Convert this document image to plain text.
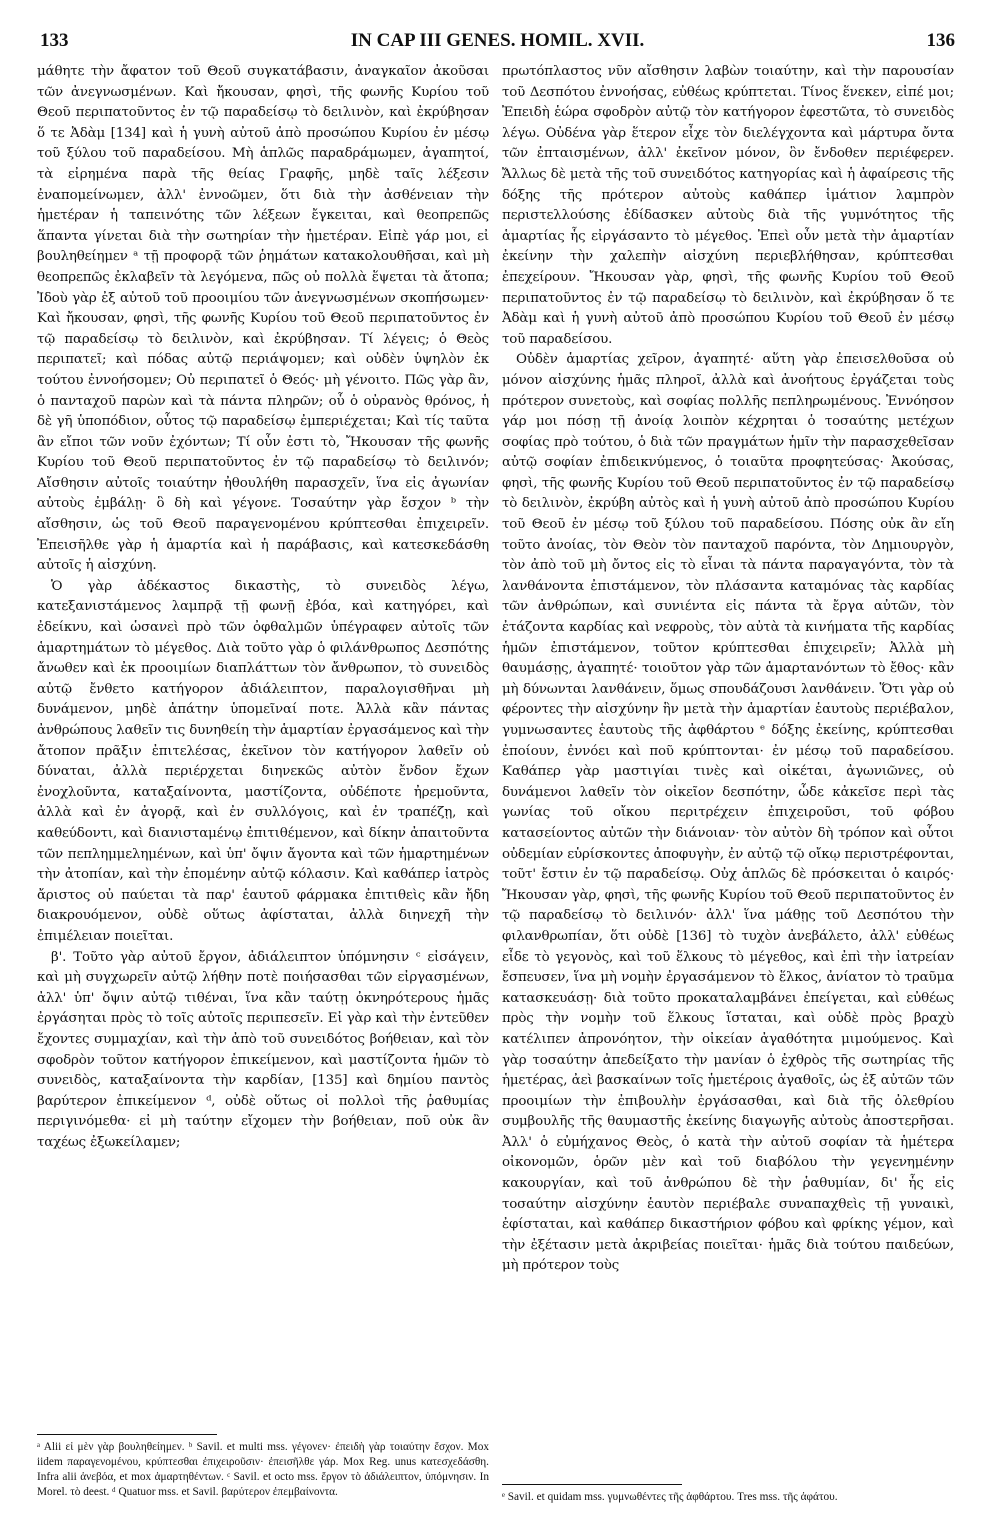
133	IN CAP III GENES. HOMIL. XVII.	136

μάθητε τὴν ἄφατον τοῦ Θεοῦ συγκατάβασιν, ἀναγκαῖον ἀκοῦσαι τῶν ἀνεγνωσμένων. Καὶ ἤκουσαν, φησὶ, τῆς φωνῆς Κυρίου τοῦ Θεοῦ περιπατοῦντος ἐν τῷ παραδείσῳ τὸ δειλινὸν, καὶ ἐκρύβησαν ὅ τε Ἀδὰμ [134] καὶ ἡ γυνὴ αὐτοῦ ἀπὸ προσώπου Κυρίου ἐν μέσῳ τοῦ ξύλου τοῦ παραδείσου. Μὴ ἁπλῶς παραδράμωμεν, ἀγαπητοί, τὰ εἰρημένα παρὰ τῆς θείας Γραφῆς, μηδὲ ταῖς λέξεσιν ἐναπομείνωμεν, ἀλλ' ἐννοῶμεν, ὅτι διὰ τὴν ἀσθένειαν τὴν ἡμετέραν ἡ ταπεινότης τῶν λέξεων ἔγκειται, καὶ θεοπρεπῶς ἅπαντα γίνεται διὰ τὴν σωτηρίαν τὴν ἡμετέραν. Εἰπὲ γάρ μοι, εἰ βουληθείημεν ᵃ τῇ προφορᾷ τῶν ῥημάτων κατακολουθῆσαι, καὶ μὴ θεοπρεπῶς ἐκλαβεῖν τὰ λεγόμενα, πῶς οὐ πολλὰ ἕψεται τὰ ἄτοπα; Ἰδοὺ γὰρ ἐξ αὐτοῦ τοῦ προοιμίου τῶν ἀνεγνωσμένων σκοπήσωμεν· Καὶ ἤκουσαν, φησὶ, τῆς φωνῆς Κυρίου τοῦ Θεοῦ περιπατοῦντος ἐν τῷ παραδείσῳ τὸ δειλινὸν, καὶ ἐκρύβησαν. Τί λέγεις; ὁ Θεὸς περιπατεῖ; καὶ πόδας αὐτῷ περιάψομεν; καὶ οὐδὲν ὑψηλὸν ἐκ τούτου ἐννοήσομεν; Οὐ περιπατεῖ ὁ Θεός· μὴ γένοιτο. Πῶς γὰρ ἂν, ὁ πανταχοῦ παρὼν καὶ τὰ πάντα πληρῶν; οὗ ὁ οὐρανὸς θρόνος, ἡ δὲ γῆ ὑποπόδιον, οὗτος τῷ παραδείσῳ ἐμπεριέχεται; Καὶ τίς ταῦτα ἂν εἴποι τῶν νοῦν ἐχόντων; Τί οὖν ἐστι τὸ, Ἤκουσαν τῆς φωνῆς Κυρίου τοῦ Θεοῦ περιπατοῦντος ἐν τῷ παραδείσῳ τὸ δειλινόν; Αἴσθησιν αὐτοῖς τοιαύτην ἠθουλήθη παρασχεῖν, ἵνα εἰς ἀγωνίαν αὐτοὺς ἐμβάλῃ· ὃ δὴ καὶ γέγονε. Τοσαύτην γὰρ ἔσχον ᵇ τὴν αἴσθησιν, ὡς τοῦ Θεοῦ παραγενομένου κρύπτεσθαι ἐπιχειρεῖν. Ἐπεισῆλθε γὰρ ἡ ἁμαρτία καὶ ἡ παράβασις, καὶ κατεσκεδάσθη αὐτοῖς ἡ αἰσχύνη.

Ὁ γὰρ ἀδέκαστος δικαστὴς, τὸ συνειδὸς λέγω, κατεξανιστάμενος λαμπρᾷ τῇ φωνῇ ἐβόα, καὶ κατηγόρει, καὶ ἐδείκνυ, καὶ ὡσανεὶ πρὸ τῶν ὀφθαλμῶν ὑπέγραφεν αὐτοῖς τῶν ἁμαρτημάτων τὸ μέγεθος. Διὰ τοῦτο γὰρ ὁ φιλάνθρωπος Δεσπότης ἄνωθεν καὶ ἐκ προοιμίων διαπλάττων τὸν ἄνθρωπον, τὸ συνειδὸς αὐτῷ ἔνθετο κατήγορον ἀδιάλειπτον, παραλογισθῆναι μὴ δυνάμενον, μηδὲ ἀπάτην ὑπομεῖναί ποτε. Ἀλλὰ κἂν πάντας ἀνθρώπους λαθεῖν τις δυνηθείη τὴν ἁμαρτίαν ἐργασάμενος καὶ τὴν ἄτοπον πρᾶξιν ἐπιτελέσας, ἐκεῖνον τὸν κατήγορον λαθεῖν οὐ δύναται, ἀλλὰ περιέρχεται διηνεκῶς αὐτὸν ἔνδον ἔχων ἐνοχλοῦντα, καταξαίνοντα, μαστίζοντα, οὐδέποτε ἠρεμοῦντα, ἀλλὰ καὶ ἐν ἀγορᾷ, καὶ ἐν συλλόγοις, καὶ ἐν τραπέζῃ, καὶ καθεύδοντι, καὶ διανισταμένῳ ἐπιτιθέμενον, καὶ δίκην ἀπαιτοῦντα τῶν πεπλημμελημένων, καὶ ὑπ' ὄψιν ἄγοντα καὶ τῶν ἡμαρτημένων τὴν ἀτοπίαν, καὶ τὴν ἐπομένην αὐτῷ κόλασιν. Καὶ καθάπερ ἰατρὸς ἄριστος οὐ παύεται τὰ παρ' ἑαυτοῦ φάρμακα ἐπιτιθεὶς κἂν ἤδη διακρουόμενον, οὐδὲ οὕτως ἀφίσταται, ἀλλὰ διηνεχῆ τὴν ἐπιμέλειαν ποιεῖται.

β'. Τοῦτο γὰρ αὐτοῦ ἔργον, ἀδιάλειπτον ὑπόμνησιν ᶜ εἰσάγειν, καὶ μὴ συγχωρεῖν αὐτῷ λήθην ποτὲ ποιήσασθαι τῶν εἰργασμένων, ἀλλ' ὑπ' ὄψιν αὐτῷ τιθέναι, ἵνα κἂν ταύτῃ ὀκνηρότερους ἡμᾶς ἐργάσηται πρὸς τὸ τοῖς αὐτοῖς περιπεσεῖν. Εἰ γὰρ καὶ τὴν ἐντεῦθεν ἔχοντες συμμαχίαν, καὶ τὴν ἀπὸ τοῦ συνειδότος βοήθειαν, καὶ τὸν σφοδρὸν τοῦτον κατήγορον ἐπικείμενον, καὶ μαστίζοντα ἡμῶν τὸ συνειδὸς, καταξαίνοντα τὴν καρδίαν, [135] καὶ δημίου παντὸς βαρύτερον ἐπικείμενον ᵈ, οὐδὲ οὕτως οἱ πολλοὶ τῆς ῥαθυμίας περιγινόμεθα· εἰ μὴ ταύτην εἴχομεν τὴν βοήθειαν, ποῦ οὐκ ἂν ταχέως ἐξωκείλαμεν;

πρωτόπλαστος νῦν αἴσθησιν λαβὼν τοιαύτην, καὶ τὴν παρουσίαν τοῦ Δεσπότου ἐννοήσας, εὐθέως κρύπτεται. Τίνος ἕνεκεν, εἰπέ μοι; Ἐπειδὴ ἑώρα σφοδρὸν αὐτῷ τὸν κατήγορον ἐφεστῶτα, τὸ συνειδὸς λέγω. Οὐδένα γὰρ ἕτερον εἶχε τὸν διελέγχοντα καὶ μάρτυρα ὄντα τῶν ἐπταισμένων, ἀλλ' ἐκεῖνον μόνον, ὃν ἔνδοθεν περιέφερεν. Ἄλλως δὲ μετὰ τῆς τοῦ συνειδότος κατηγορίας καὶ ἡ ἀφαίρεσις τῆς δόξης τῆς πρότερον αὐτοὺς καθάπερ ἱμάτιον λαμπρὸν περιστελλούσης ἐδίδασκεν αὐτοὺς διὰ τῆς γυμνότητος τῆς ἁμαρτίας ἧς εἰργάσαντο τὸ μέγεθος. Ἐπεὶ οὖν μετὰ τὴν ἁμαρτίαν ἐκείνην τὴν χαλεπὴν αἰσχύνη περιεβλήθησαν, κρύπτεσθαι ἐπεχείρουν. Ἤκουσαν γὰρ, φησὶ, τῆς φωνῆς Κυρίου τοῦ Θεοῦ περιπατοῦντος ἐν τῷ παραδείσῳ τὸ δειλινὸν, καὶ ἐκρύβησαν ὅ τε Ἀδὰμ καὶ ἡ γυνὴ αὐτοῦ ἀπὸ προσώπου Κυρίου τοῦ Θεοῦ ἐν μέσῳ τοῦ παραδείσου.

Οὐδὲν ἁμαρτίας χεῖρον, ἀγαπητέ· αὕτη γὰρ ἐπεισελθοῦσα οὐ μόνον αἰσχύνης ἡμᾶς πληροῖ, ἀλλὰ καὶ ἀνοήτους ἐργάζεται τοὺς πρότερον συνετοὺς, καὶ σοφίας πολλῆς πεπληρωμένους. Ἐννόησον γάρ μοι πόσῃ τῇ ἀνοίᾳ λοιπὸν κέχρηται ὁ τοσαύτης μετέχων σοφίας πρὸ τούτου, ὁ διὰ τῶν πραγμάτων ἡμῖν τὴν παρασχεθεῖσαν αὐτῷ σοφίαν ἐπιδεικνύμενος, ὁ τοιαῦτα προφητεύσας· Ἀκούσας, φησὶ, τῆς φωνῆς Κυρίου τοῦ Θεοῦ περιπατοῦντος ἐν τῷ παραδείσῳ τὸ δειλινὸν, ἐκρύβη αὐτὸς καὶ ἡ γυνὴ αὐτοῦ ἀπὸ προσώπου Κυρίου τοῦ Θεοῦ ἐν μέσῳ τοῦ ξύλου τοῦ παραδείσου. Πόσης οὐκ ἂν εἴη τοῦτο ἀνοίας, τὸν Θεὸν τὸν πανταχοῦ παρόντα, τὸν Δημιουργὸν, τὸν ἀπὸ τοῦ μὴ ὄντος εἰς τὸ εἶναι τὰ πάντα παραγαγόντα, τὸν τὰ λανθάνοντα ἐπιστάμενον, τὸν πλάσαντα καταμόνας τὰς καρδίας τῶν ἀνθρώπων, καὶ συνιέντα εἰς πάντα τὰ ἔργα αὐτῶν, τὸν ἐτάζοντα καρδίας καὶ νεφροὺς, τὸν αὐτὰ τὰ κινήματα τῆς καρδίας ἡμῶν ἐπιστάμενον, τοῦτον κρύπτεσθαι ἐπιχειρεῖν; Ἀλλὰ μὴ θαυμάσῃς, ἀγαπητέ· τοιοῦτον γὰρ τῶν ἁμαρτανόντων τὸ ἔθος· κἂν μὴ δύνωνται λανθάνειν, ὅμως σπουδάζουσι λανθάνειν. Ὅτι γὰρ οὐ φέροντες τὴν αἰσχύνην ἣν μετὰ τὴν ἁμαρτίαν ἑαυτοὺς περιέβαλον, γυμνωσαντες ἑαυτοὺς τῆς ἀφθάρτου ᵉ δόξης ἐκείνης, κρύπτεσθαι ἐποίουν, ἐννόει καὶ ποῦ κρύπτονται· ἐν μέσῳ τοῦ παραδείσου. Καθάπερ γὰρ μαστιγίαι τινὲς καὶ οἰκέται, ἀγωνιῶνες, οὐ δυνάμενοι λαθεῖν τὸν οἰκεῖον δεσπότην, ὧδε κἀκεῖσε περὶ τὰς γωνίας τοῦ οἴκου περιτρέχειν ἐπιχειροῦσι, τοῦ φόβου κατασείοντος αὐτῶν τὴν διάνοιαν· τὸν αὐτὸν δὴ τρόπον καὶ οὗτοι οὐδεμίαν εὑρίσκοντες ἀποφυγὴν, ἐν αὐτῷ τῷ οἴκῳ περιστρέφονται, τοῦτ' ἔστιν ἐν τῷ παραδείσῳ. Οὐχ ἁπλῶς δὲ πρόσκειται ὁ καιρός· Ἤκουσαν γὰρ, φησὶ, τῆς φωνῆς Κυρίου τοῦ Θεοῦ περιπατοῦντος ἐν τῷ παραδείσῳ τὸ δειλινόν· ἀλλ' ἵνα μάθῃς τοῦ Δεσπότου τὴν φιλανθρωπίαν, ὅτι οὐδὲ [136] τὸ τυχὸν ἀνεβάλετο, ἀλλ' εὐθέως εἶδε τὸ γεγονὸς, καὶ τοῦ ἕλκους τὸ μέγεθος, καὶ ἐπὶ τὴν ἰατρείαν ἔσπευσεν, ἵνα μὴ νομὴν ἐργασάμενον τὸ ἕλκος, ἀνίατον τὸ τραῦμα κατασκευάσῃ· διὰ τοῦτο προκαταλαμβάνει ἐπείγεται, καὶ εὐθέως πρὸς τὴν νομὴν τοῦ ἕλκους ἵσταται, καὶ οὐδὲ πρὸς βραχὺ κατέλιπεν ἀπρονόητον, τὴν οἰκείαν ἀγαθότητα μιμούμενος. Καὶ γὰρ τοσαύτην ἀπεδείξατο τὴν μανίαν ὁ ἐχθρὸς τῆς σωτηρίας τῆς ἡμετέρας, ἀεὶ βασκαίνων τοῖς ἡμετέροις ἀγαθοῖς, ὡς ἐξ αὐτῶν τῶν προοιμίων τὴν ἐπιβουλὴν ἐργάσασθαι, καὶ διὰ τῆς ὀλεθρίου συμβουλῆς τῆς θαυμαστῆς ἐκείνης διαγωγῆς αὐτοὺς ἀποστερῆσαι. Ἀλλ' ὁ εὐμήχανος Θεὸς, ὁ κατὰ τὴν αὐτοῦ σοφίαν τὰ ἡμέτερα οἰκονομῶν, ὁρῶν μὲν καὶ τοῦ διαβόλου τὴν γεγενημένην κακουργίαν, καὶ τοῦ ἀνθρώπου δὲ τὴν ῥαθυμίαν, δι' ἧς εἰς τοσαύτην αἰσχύνην ἑαυτὸν περιέβαλε συναπαχθεὶς τῇ γυναικὶ, ἐφίσταται, καὶ καθάπερ δικαστήριον φόβου καὶ φρίκης γέμον, καὶ τὴν ἐξέτασιν μετὰ ἀκριβείας ποιεῖται· ἡμᾶς διὰ τούτου παιδεύων, μὴ πρότερον τοὺς

ᵃ Alii εἰ μὲν γὰρ βουληθείημεν. ᵇ Savil. et multi mss. γέγονεν· ἐπειδὴ γὰρ τοιαύτην ἔσχον. Mox iidem παραγενομένου, κρύπτεσθαι ἐπιχειροῦσιν· ἐπεισῆλθε γάρ. Mox Reg. unus κατεσχεδάσθη. Infra alii ἀνεβόα, et mox ἁμαρτηθέντων. ᶜ Savil. et octo mss. ἔργον τὸ ἀδιάλειπτον, ὑπόμνησιν. In Morel. τὸ deest. ᵈ Quatuor mss. et Savil. βαρύτερον ἐπεμβαίνοντα.	ᵉ Savil. et quidam mss. γυμνωθέντες τῆς ἀφθάρτου. Tres mss. τῆς ἀφάτου.
